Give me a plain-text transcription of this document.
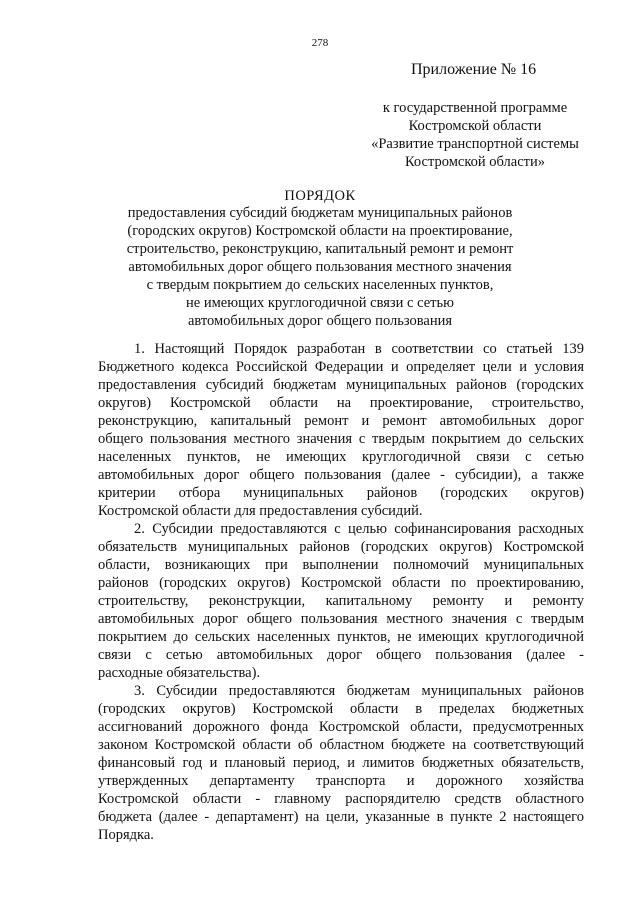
278
Приложение № 16
к государственной программе
Костромской области
«Развитие транспортной системы
Костромской области»
ПОРЯДОК
предоставления субсидий бюджетам муниципальных районов
(городских округов) Костромской области на проектирование,
строительство, реконструкцию, капитальный ремонт и ремонт
автомобильных дорог общего пользования местного значения
с твердым покрытием до сельских населенных пунктов,
не имеющих круглогодичной связи с сетью
автомобильных дорог общего пользования
1. Настоящий Порядок разработан в соответствии со статьей 139
Бюджетного кодекса Российской Федерации и определяет цели и условия
предоставления субсидий бюджетам муниципальных районов (городских
округов) Костромской области на проектирование, строительство,
реконструкцию, капитальный ремонт и ремонт автомобильных дорог
общего пользования местного значения с твердым покрытием до сельских
населенных пунктов, не имеющих круглогодичной связи с сетью
автомобильных дорог общего пользования (далее - субсидии), а также
критерии отбора муниципальных районов (городских округов)
Костромской области для предоставления субсидий.
2. Субсидии предоставляются с целью софинансирования расходных
обязательств муниципальных районов (городских округов) Костромской
области, возникающих при выполнении полномочий муниципальных
районов (городских округов) Костромской области по проектированию,
строительству, реконструкции, капитальному ремонту и ремонту
автомобильных дорог общего пользования местного значения с твердым
покрытием до сельских населенных пунктов, не имеющих круглогодичной
связи с сетью автомобильных дорог общего пользования (далее -
расходные обязательства).
3. Субсидии предоставляются бюджетам муниципальных районов
(городских округов) Костромской области в пределах бюджетных
ассигнований дорожного фонда Костромской области, предусмотренных
законом Костромской области об областном бюджете на соответствующий
финансовый год и плановый период, и лимитов бюджетных обязательств,
утвержденных департаменту транспорта и дорожного хозяйства
Костромской области - главному распорядителю средств областного
бюджета (далее - департамент) на цели, указанные в пункте 2 настоящего
Порядка.
